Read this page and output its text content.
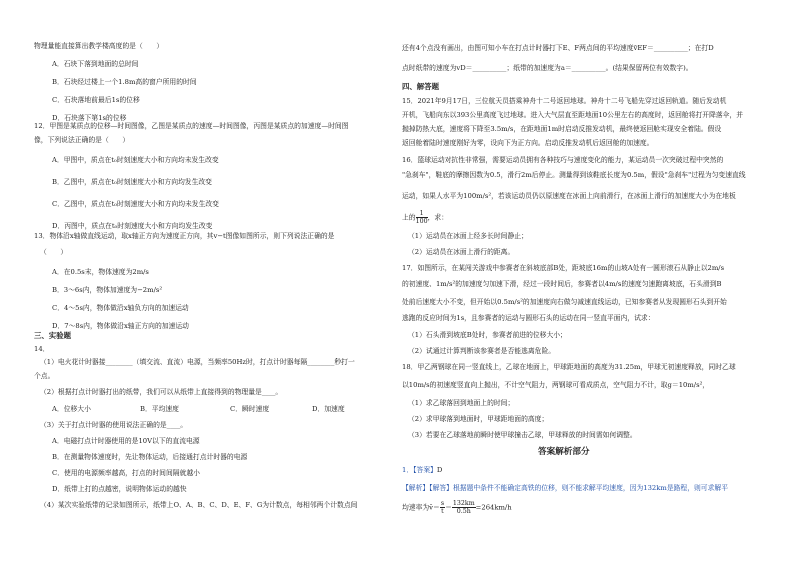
物理量能直接算出教学楼高度的是（　　）
A．石块下落到地面的总时间
B．石块经过楼上一个1.8m高的窗户所用的时间
C．石块落地前最后1s的位移
D．石块落下第1s的位移
12．甲图是某质点的位移—时间图像，乙图是某质点的速度—时间图像，丙图是某质点的加速度—时间图
像，下列说法正确的是（　　）
A．甲图中，质点在t₀时刻速度大小和方向均未发生改变
B．乙图中，质点在t₀时刻速度大小和方向均发生改变
C．乙图中，质点在t₀时刻速度大小和方向均未发生改变
D．丙图中，质点在t₀时刻速度大小和方向均发生改变
13．物体沿x轴做直线运动，取x轴正方向为速度正方向，其v−t图像如图所示，则下列说法正确的是
（　　）
A．在0.5s末，物体速度为2m/s
B．3～6s内，物体加速度为−2m/s²
C．4～5s内，物体做沿x轴负方向的加速运动
D．7～8s内，物体做沿x轴正方向的加速运动
三、实验题
14．
（1）电火花计时器接________（填交流、直流）电源，当频率50Hz时，打点计时器每隔________秒打一
个点。
（2）根据打点计时器打出的纸带，我们可以从纸带上直接得到的物理量是____。
A．位移大小	B．平均速度	C．瞬时速度	D．加速度
（3）关于打点计时器的使用说法正确的是____。
A．电磁打点计时器使用的是10V以下的直流电源
B．在测量物体速度时，先让物体运动，后接通打点计时器的电源
C．使用的电源频率越高，打点的时间间隔就越小
D．纸带上打的点越密，说明物体运动的越快
（4）某次实验纸带的记录如图所示，纸带上O、A、B、C、D、E、F、G为计数点，每相邻两个计数点间
还有4个点没有画出，由图可知小车在打点计时器打下E、F两点间的平均速度v̄EF＝__________；在打D
点时纸带的速度为vD＝__________；纸带的加速度为a＝__________。(结果保留两位有效数字)。
四、解答题
15．2021年9月17日，三位航天员搭乘神舟十二号返回地球。神舟十二号飞船先穿过返回轨道。随后发动机
开机，飞船向东以393公里高度飞过地球。进入大气层直至距地面10公里左右的高度时，返回舱将打开降落伞，并
抛掉防热大底，速度将下降至3.5m/s，在距地面1m时启动反推发动机，最终使返回舱实现安全着陆。假设
返回舱着陆时速度刚好为零，设向下为正方向。启动反推发动机后返回舱的加速度。
16．篮球运动对抗性非常强，需要运动员拥有各种技巧与速度变化的能力，某运动员一次突破过程中突然的
"急刹车"，鞋底的摩擦因数为0.5，滑行2m后停止。测量得到该鞋底长度为0.5m，假设"急刹车"过程为匀变速直线
运动，如果人水平为100m/s²，若该运动员仍以原速度在冰面上向前滑行，在冰面上滑行的加速度大小为在地板
上的 $\frac{1}{100}$ ，求：
（1）运动员在冰面上经多长时间静止；
（2）运动员在冰面上滑行的距离。
17．如图所示，在某闯关游戏中参赛者在斜坡底部B处，距坡底16m的山坡A处有一圆形滚石从静止以2m/s
的初速度、1m/s²的加速度匀加速下滑，经过一段时间后，参赛者以4m/s的速度匀速跑离坡底，石头滑到B
处前后速度大小不变，但开始以0.5m/s²的加速度向右做匀减速直线运动，已知参赛者从发现圆形石头到开始
逃跑的反应时间为1s，且参赛者的运动与圆形石头的运动在同一竖直平面内，试求：
（1）石头滑到坡底B处时，参赛者前进的位移大小；
（2）试通过计算判断该参赛者是否能逃离危险。
18．甲乙两钢球在同一竖直线上，乙球在地面上，甲球距地面的高度为31.25m，甲球无初速度释放，同时乙球
以10m/s的初速度竖直向上抛出，不计空气阻力，两钢球可看成质点，空气阻力不计，取g＝10m/s²，
（1）求乙球落回到地面上的时间；
（2）求甲球落到地面时，甲球距地面的高度；
（3）若要在乙球落地前瞬时使甲球撞击乙球，甲球释放的时间需如何调整。
答案解析部分
1．【答案】D
【解析】【解答】根据题中条件不能确定高铁的位移，则不能求解平均速度，因为132km是路程，则可求解平
均速率为v̄＝ $\frac{s}{t} = \frac{132km}{0.5h} =264km/h$
